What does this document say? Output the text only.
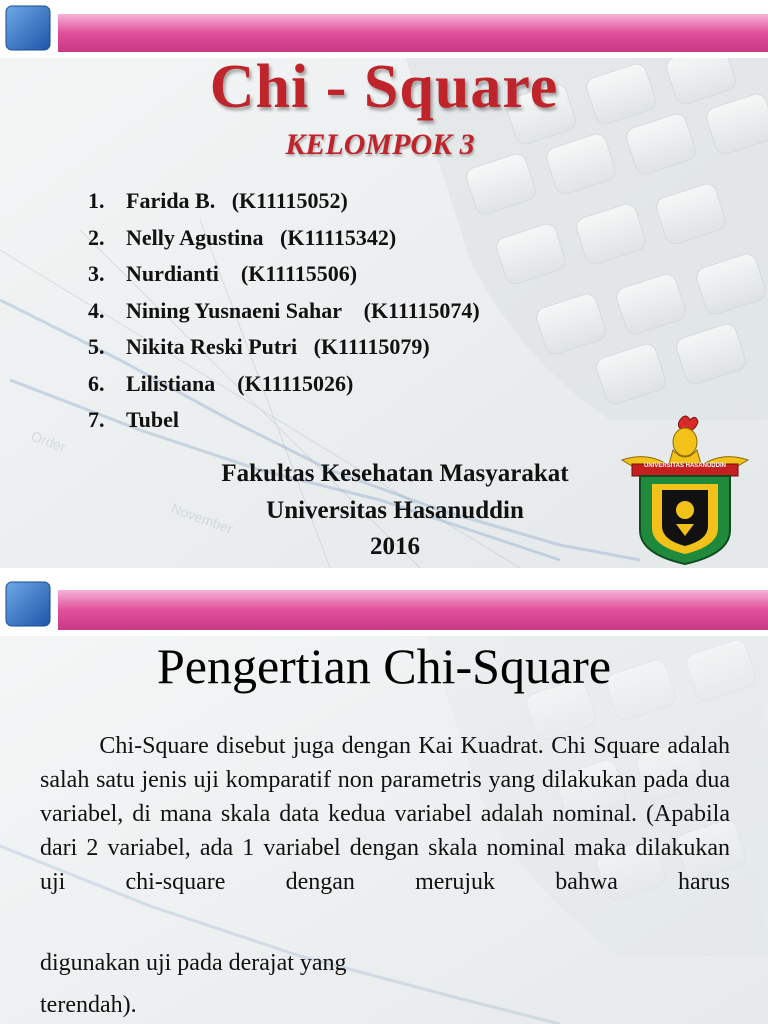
Order
November
Chi - Square
KELOMPOK 3
1. Farida B.   (K11115052)
2. Nelly Agustina   (K11115342)
3. Nurdianti    (K11115506)
4. Nining Yusnaeni Sahar    (K11115074)
5. Nikita Reski Putri   (K11115079)
6. Lilistiana    (K11115026)
7. Tubel
Fakultas Kesehatan Masyarakat
Universitas Hasanuddin
2016
UNIVERSITAS HASANUDDIN
Pengertian Chi-Square
Chi-Square disebut juga dengan Kai Kuadrat. Chi Square adalah salah satu jenis uji komparatif non parametris yang dilakukan pada dua variabel, di mana skala data kedua variabel adalah nominal. (Apabila dari 2 variabel, ada 1 variabel dengan skala nominal maka dilakukan uji chi-square dengan merujuk bahwa harus
digunakan uji pada derajat yang
terendah).
